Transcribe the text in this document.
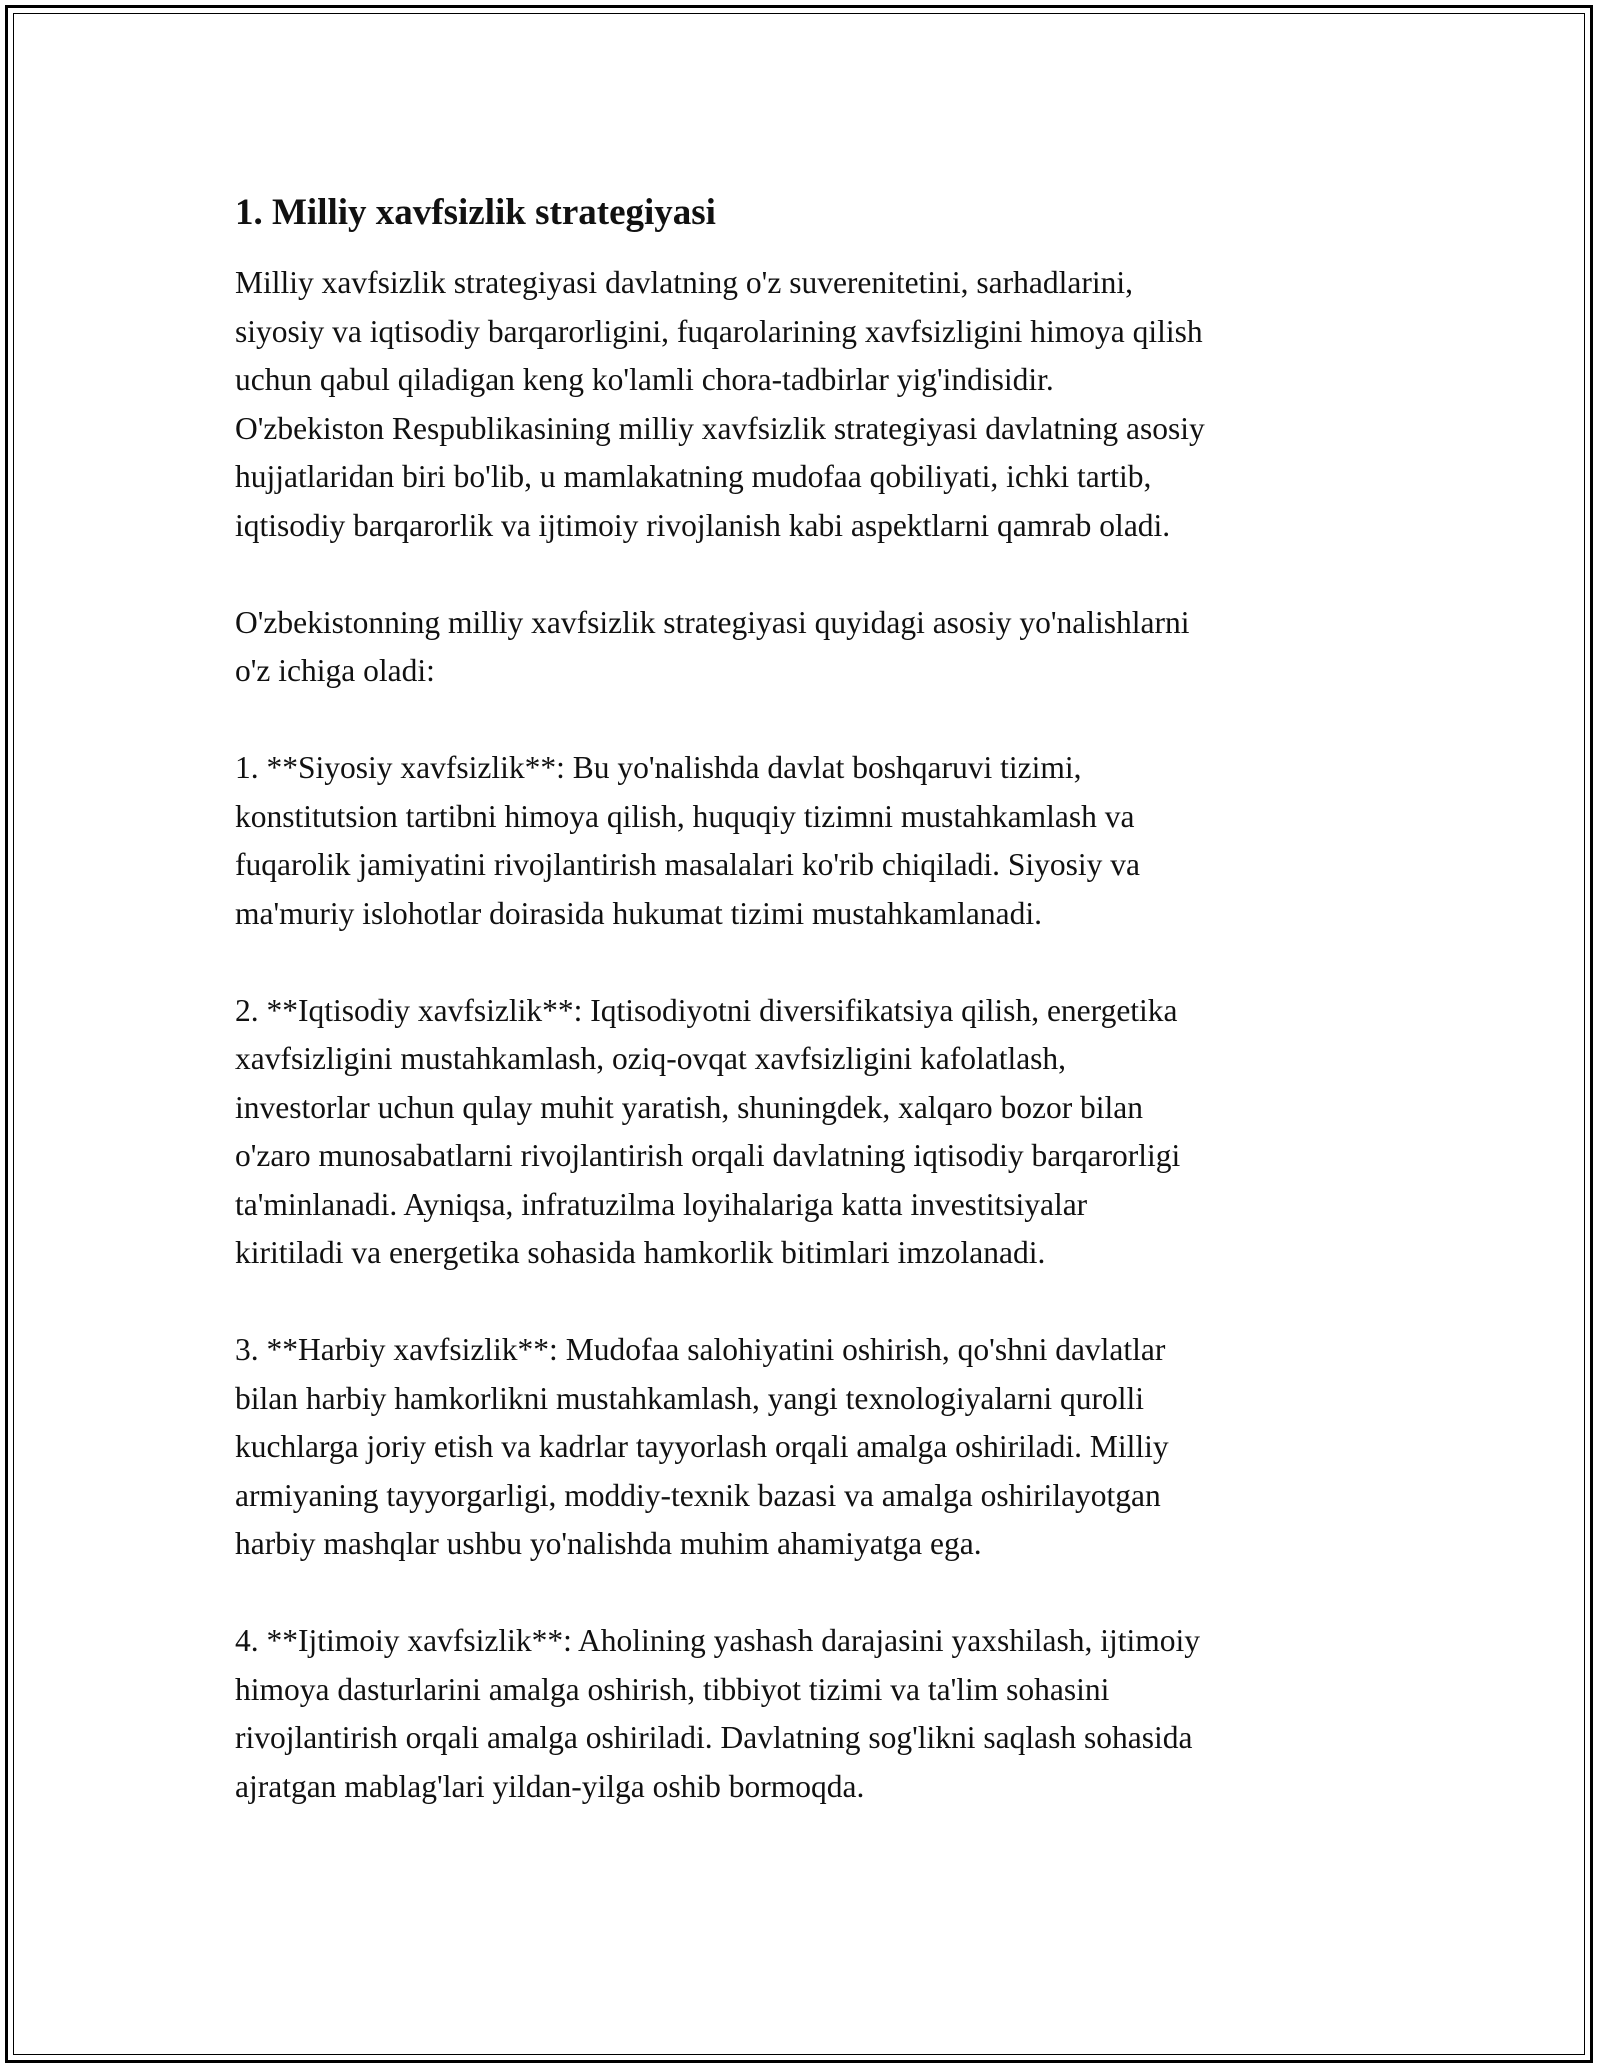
1. Milliy xavfsizlik strategiyasi

Milliy xavfsizlik strategiyasi davlatning o'z suverenitetini, sarhadlarini,
siyosiy va iqtisodiy barqarorligini, fuqarolarining xavfsizligini himoya qilish
uchun qabul qiladigan keng ko'lamli chora-tadbirlar yig'indisidir.
O'zbekiston Respublikasining milliy xavfsizlik strategiyasi davlatning asosiy
hujjatlaridan biri bo'lib, u mamlakatning mudofaa qobiliyati, ichki tartib,
iqtisodiy barqarorlik va ijtimoiy rivojlanish kabi aspektlarni qamrab oladi.

O'zbekistonning milliy xavfsizlik strategiyasi quyidagi asosiy yo'nalishlarni
o'z ichiga oladi:

1. **Siyosiy xavfsizlik**: Bu yo'nalishda davlat boshqaruvi tizimi,
konstitutsion tartibni himoya qilish, huquqiy tizimni mustahkamlash va
fuqarolik jamiyatini rivojlantirish masalalari ko'rib chiqiladi. Siyosiy va
ma'muriy islohotlar doirasida hukumat tizimi mustahkamlanadi.

2. **Iqtisodiy xavfsizlik**: Iqtisodiyotni diversifikatsiya qilish, energetika
xavfsizligini mustahkamlash, oziq-ovqat xavfsizligini kafolatlash,
investorlar uchun qulay muhit yaratish, shuningdek, xalqaro bozor bilan
o'zaro munosabatlarni rivojlantirish orqali davlatning iqtisodiy barqarorligi
ta'minlanadi. Ayniqsa, infratuzilma loyihalariga katta investitsiyalar
kiritiladi va energetika sohasida hamkorlik bitimlari imzolanadi.

3. **Harbiy xavfsizlik**: Mudofaa salohiyatini oshirish, qo'shni davlatlar
bilan harbiy hamkorlikni mustahkamlash, yangi texnologiyalarni qurolli
kuchlarga joriy etish va kadrlar tayyorlash orqali amalga oshiriladi. Milliy
armiyaning tayyorgarligi, moddiy-texnik bazasi va amalga oshirilayotgan
harbiy mashqlar ushbu yo'nalishda muhim ahamiyatga ega.

4. **Ijtimoiy xavfsizlik**: Aholining yashash darajasini yaxshilash, ijtimoiy
himoya dasturlarini amalga oshirish, tibbiyot tizimi va ta'lim sohasini
rivojlantirish orqali amalga oshiriladi. Davlatning sog'likni saqlash sohasida
ajratgan mablag'lari yildan-yilga oshib bormoqda.
